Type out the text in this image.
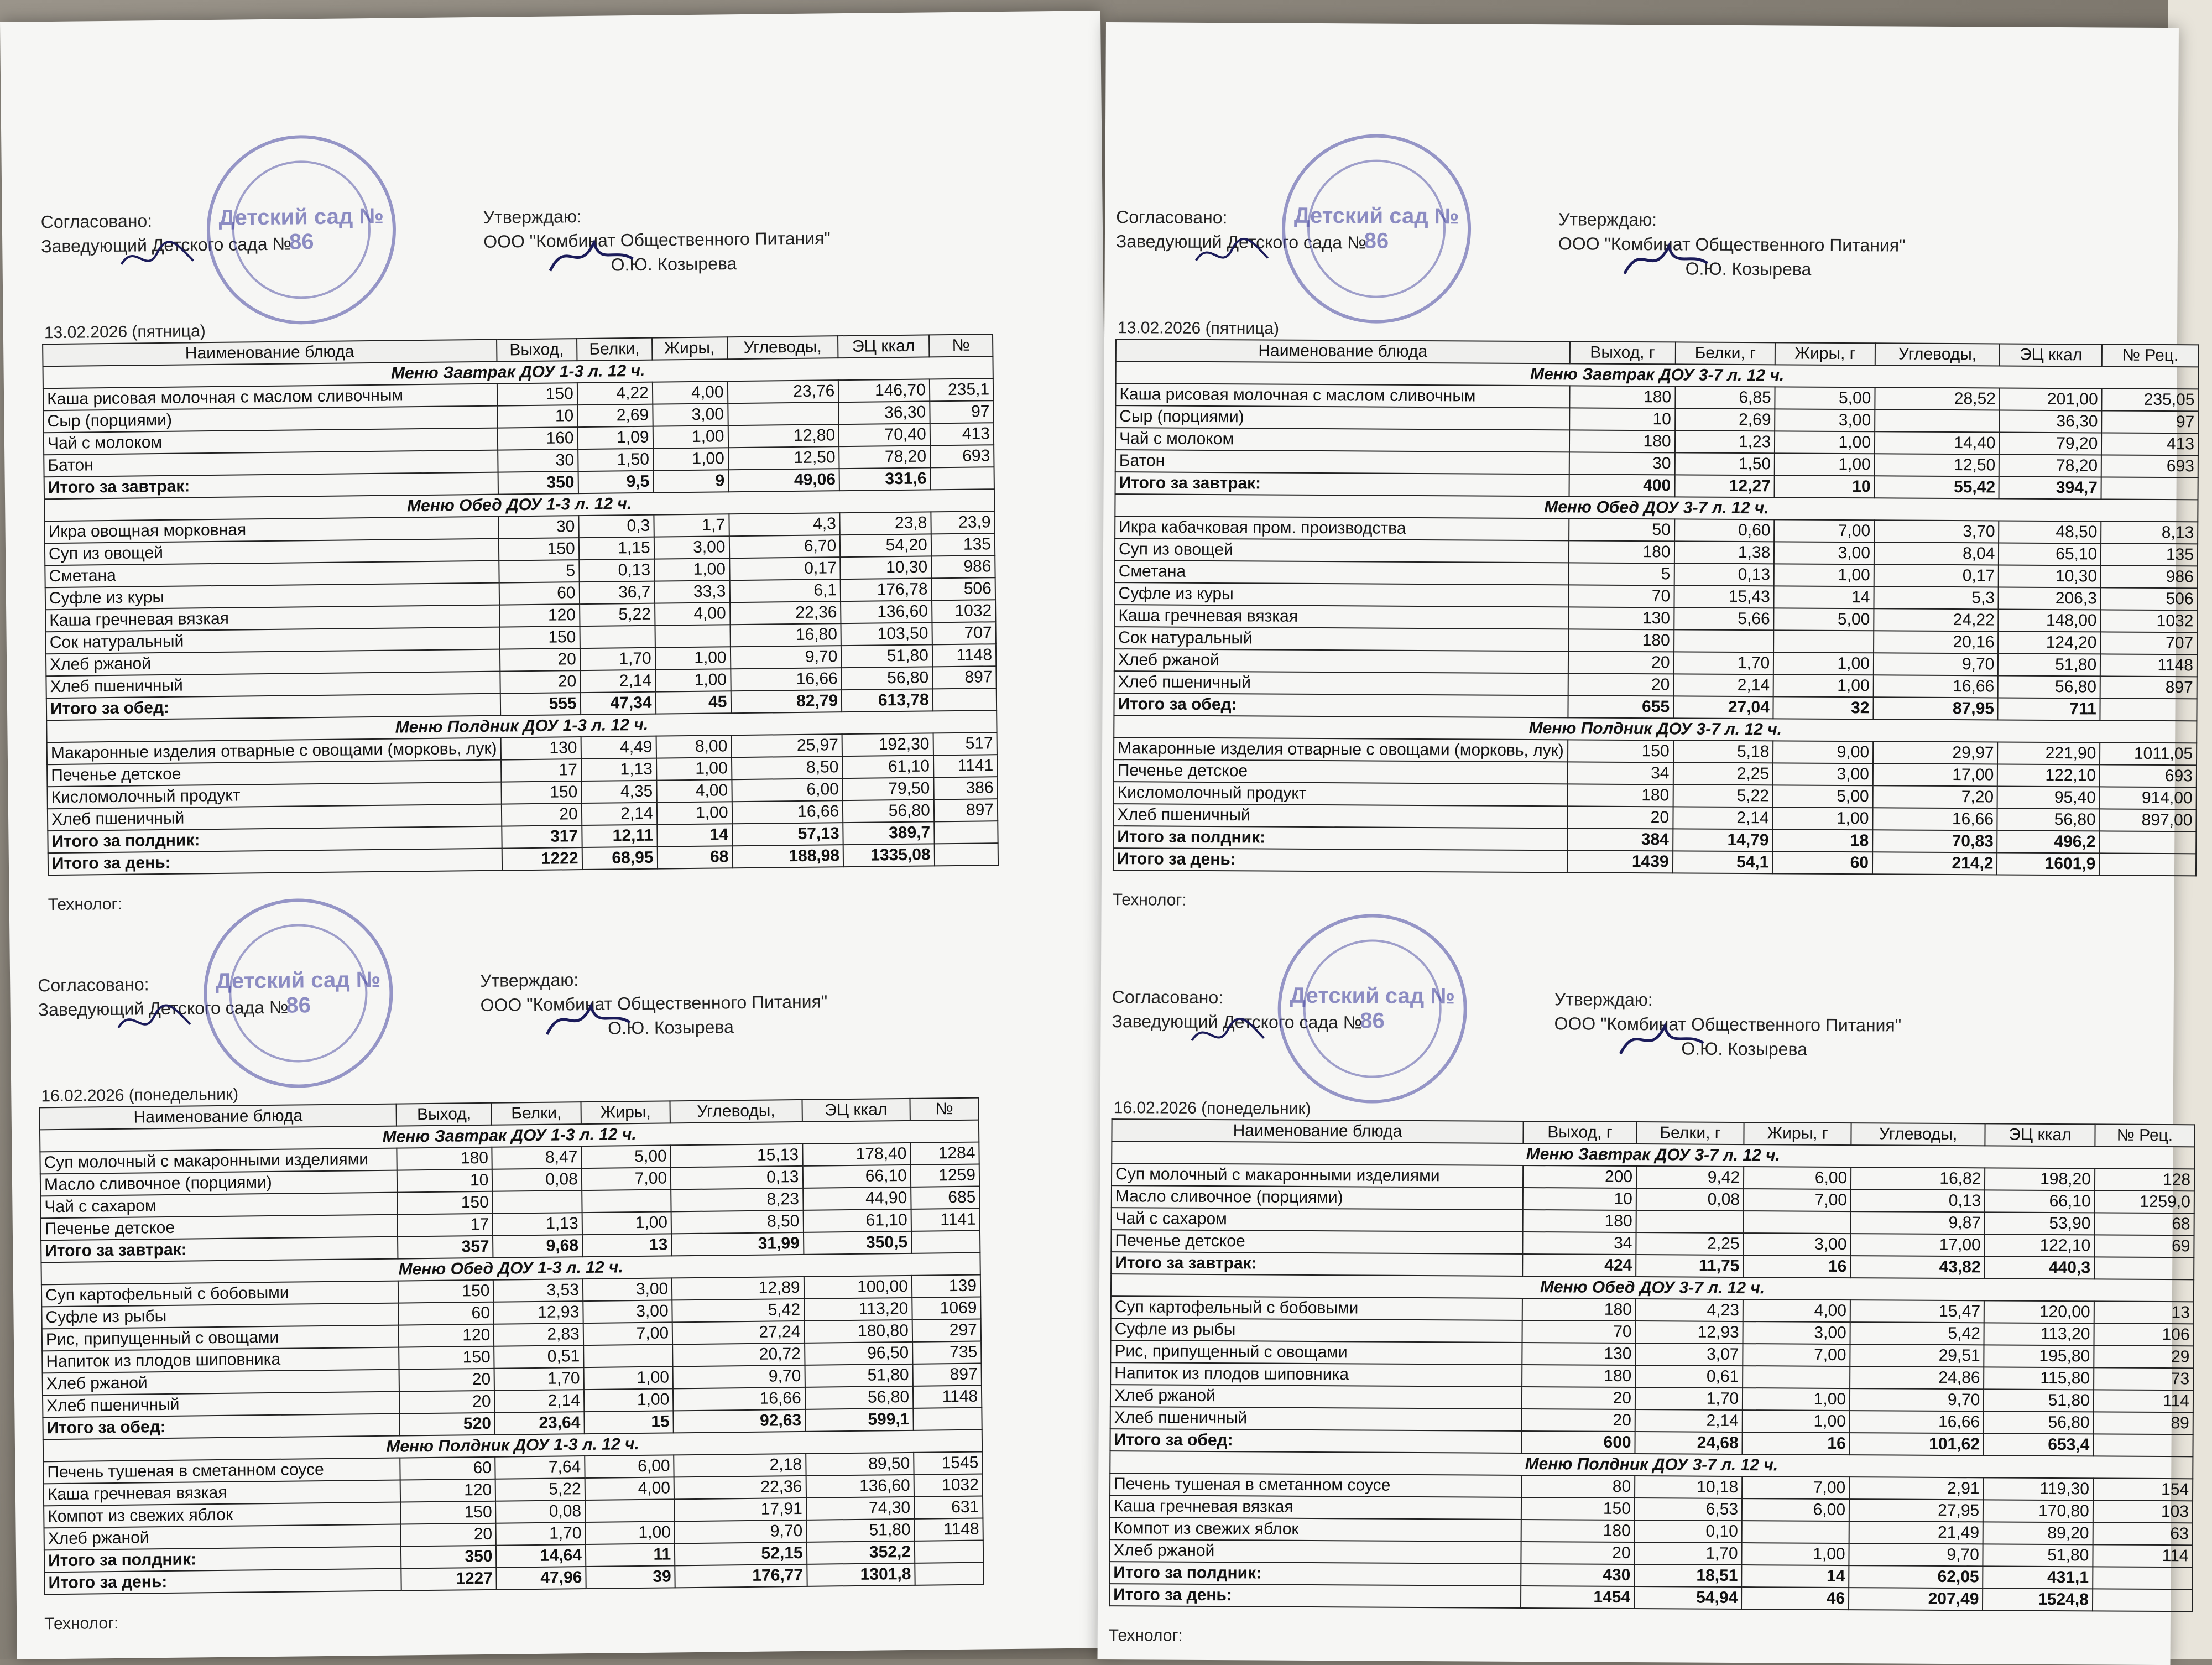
Согласовано:
Заведующий Детского сада №
Утверждаю:
ООО "Комбинат Общественного Питания"
О.Ю. Козырева
Детский сад № 86
13.02.2026 (пятница)
Наименование блюда	Выход,	Белки,	Жиры,	Углеводы,	ЭЦ ккал	№
Меню Завтрак ДОУ 1-3 л. 12 ч.						
Каша рисовая молочная с маслом сливочным	150	4,22	4,00	23,76	146,70	235,1
Сыр (порциями)	10	2,69	3,00		36,30	97
Чай с молоком	160	1,09	1,00	12,80	70,40	413
Батон	30	1,50	1,00	12,50	78,20	693
Итого за завтрак:	350	9,5	9	49,06	331,6	
Меню Обед ДОУ 1-3 л. 12 ч.						
Икра овощная морковная	30	0,3	1,7	4,3	23,8	23,9
Суп из овощей	150	1,15	3,00	6,70	54,20	135
Сметана	5	0,13	1,00	0,17	10,30	986
Суфле из куры	60	36,7	33,3	6,1	176,78	506
Каша гречневая вязкая	120	5,22	4,00	22,36	136,60	1032
Сок натуральный	150			16,80	103,50	707
Хлеб ржаной	20	1,70	1,00	9,70	51,80	1148
Хлеб пшеничный	20	2,14	1,00	16,66	56,80	897
Итого за обед:	555	47,34	45	82,79	613,78	
Меню Полдник ДОУ 1-3 л. 12 ч.						
Макаронные изделия отварные с овощами (морковь, лук)	130	4,49	8,00	25,97	192,30	517
Печенье детское	17	1,13	1,00	8,50	61,10	1141
Кисломолочный продукт	150	4,35	4,00	6,00	79,50	386
Хлеб пшеничный	20	2,14	1,00	16,66	56,80	897
Итого за полдник:	317	12,11	14	57,13	389,7	
Итого за день:	1222	68,95	68	188,98	1335,08	
Технолог:
Согласовано:
Заведующий Детского сада №
Утверждаю:
ООО "Комбинат Общественного Питания"
О.Ю. Козырева
Детский сад № 86
16.02.2026 (понедельник)
Наименование блюда	Выход,	Белки,	Жиры,	Углеводы,	ЭЦ ккал	№
Меню Завтрак ДОУ 1-3 л. 12 ч.						
Суп молочный с макаронными изделиями	180	8,47	5,00	15,13	178,40	1284
Масло сливочное (порциями)	10	0,08	7,00	0,13	66,10	1259
Чай с сахаром	150			8,23	44,90	685
Печенье детское	17	1,13	1,00	8,50	61,10	1141
Итого за завтрак:	357	9,68	13	31,99	350,5	
Меню Обед ДОУ 1-3 л. 12 ч.						
Суп картофельный с бобовыми	150	3,53	3,00	12,89	100,00	139
Суфле из рыбы	60	12,93	3,00	5,42	113,20	1069
Рис, припущенный с овощами	120	2,83	7,00	27,24	180,80	297
Напиток из плодов шиповника	150	0,51		20,72	96,50	735
Хлеб ржаной	20	1,70	1,00	9,70	51,80	897
Хлеб пшеничный	20	2,14	1,00	16,66	56,80	1148
Итого за обед:	520	23,64	15	92,63	599,1	
Меню Полдник ДОУ 1-3 л. 12 ч.						
Печень тушеная в сметанном соусе	60	7,64	6,00	2,18	89,50	1545
Каша гречневая вязкая	120	5,22	4,00	22,36	136,60	1032
Компот из свежих яблок	150	0,08		17,91	74,30	631
Хлеб ржаной	20	1,70	1,00	9,70	51,80	1148
Итого за полдник:	350	14,64	11	52,15	352,2	
Итого за день:	1227	47,96	39	176,77	1301,8	
Технолог:
Согласовано:
Заведующий Детского сада №
Утверждаю:
ООО "Комбинат Общественного Питания"
О.Ю. Козырева
Детский сад № 86
13.02.2026 (пятница)
Наименование блюда	Выход, г	Белки, г	Жиры, г	Углеводы,	ЭЦ ккал	№ Рец.
Меню Завтрак ДОУ 3-7 л. 12 ч.						
Каша рисовая молочная с маслом сливочным	180	6,85	5,00	28,52	201,00	235,05
Сыр (порциями)	10	2,69	3,00		36,30	97
Чай с молоком	180	1,23	1,00	14,40	79,20	413
Батон	30	1,50	1,00	12,50	78,20	693
Итого за завтрак:	400	12,27	10	55,42	394,7	
Меню Обед ДОУ 3-7 л. 12 ч.						
Икра кабачковая пром. производства	50	0,60	7,00	3,70	48,50	8,13
Суп из овощей	180	1,38	3,00	8,04	65,10	135
Сметана	5	0,13	1,00	0,17	10,30	986
Суфле из куры	70	15,43	14	5,3	206,3	506
Каша гречневая вязкая	130	5,66	5,00	24,22	148,00	1032
Сок натуральный	180			20,16	124,20	707
Хлеб ржаной	20	1,70	1,00	9,70	51,80	1148
Хлеб пшеничный	20	2,14	1,00	16,66	56,80	897
Итого за обед:	655	27,04	32	87,95	711	
Меню Полдник ДОУ 3-7 л. 12 ч.						
Макаронные изделия отварные с овощами (морковь, лук)	150	5,18	9,00	29,97	221,90	1011,05
Печенье детское	34	2,25	3,00	17,00	122,10	693
Кисломолочный продукт	180	5,22	5,00	7,20	95,40	914,00
Хлеб пшеничный	20	2,14	1,00	16,66	56,80	897,00
Итого за полдник:	384	14,79	18	70,83	496,2	
Итого за день:	1439	54,1	60	214,2	1601,9	
Технолог:
Согласовано:
Заведующий Детского сада №
Утверждаю:
ООО "Комбинат Общественного Питания"
О.Ю. Козырева
Детский сад № 86
16.02.2026 (понедельник)
Наименование блюда	Выход, г	Белки, г	Жиры, г	Углеводы,	ЭЦ ккал	№ Рец.
Меню Завтрак ДОУ 3-7 л. 12 ч.						
Суп молочный с макаронными изделиями	200	9,42	6,00	16,82	198,20	128
Масло сливочное (порциями)	10	0,08	7,00	0,13	66,10	1259,0
Чай с сахаром	180			9,87	53,90	68
Печенье детское	34	2,25	3,00	17,00	122,10	69
Итого за завтрак:	424	11,75	16	43,82	440,3	
Меню Обед ДОУ 3-7 л. 12 ч.						
Суп картофельный с бобовыми	180	4,23	4,00	15,47	120,00	13
Суфле из рыбы	70	12,93	3,00	5,42	113,20	106
Рис, припущенный с овощами	130	3,07	7,00	29,51	195,80	29
Напиток из плодов шиповника	180	0,61		24,86	115,80	73
Хлеб ржаной	20	1,70	1,00	9,70	51,80	114
Хлеб пшеничный	20	2,14	1,00	16,66	56,80	89
Итого за обед:	600	24,68	16	101,62	653,4	
Меню Полдник ДОУ 3-7 л. 12 ч.						
Печень тушеная в сметанном соусе	80	10,18	7,00	2,91	119,30	154
Каша гречневая вязкая	150	6,53	6,00	27,95	170,80	103
Компот из свежих яблок	180	0,10		21,49	89,20	63
Хлеб ржаной	20	1,70	1,00	9,70	51,80	114
Итого за полдник:	430	18,51	14	62,05	431,1	
Итого за день:	1454	54,94	46	207,49	1524,8	
Технолог:
